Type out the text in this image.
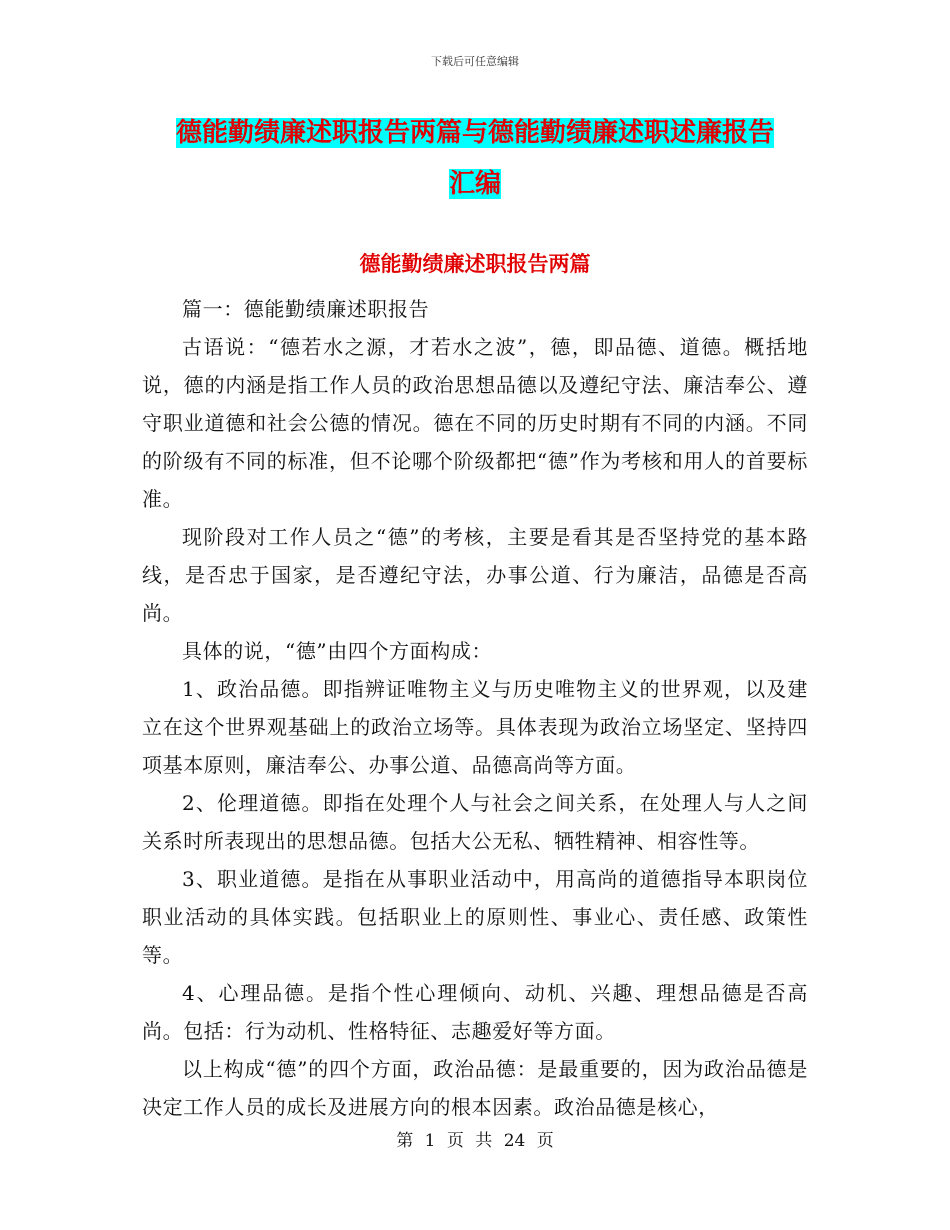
下载后可任意编辑
德能勤绩廉述职报告两篇与德能勤绩廉述职述廉报告
汇编
德能勤绩廉述职报告两篇

篇一：德能勤绩廉述职报告

古语说：“德若水之源，才若水之波”，德，即品德、道德。概括地说，德的内涵是指工作人员的政治思想品德以及遵纪守法、廉洁奉公、遵守职业道德和社会公德的情况。德在不同的历史时期有不同的内涵。不同的阶级有不同的标准，但不论哪个阶级都把“德”作为考核和用人的首要标准。

现阶段对工作人员之“德”的考核，主要是看其是否坚持党的基本路线，是否忠于国家，是否遵纪守法，办事公道、行为廉洁，品德是否高尚。

具体的说，“德”由四个方面构成：

1、政治品德。即指辨证唯物主义与历史唯物主义的世界观，以及建立在这个世界观基础上的政治立场等。具体表现为政治立场坚定、坚持四项基本原则，廉洁奉公、办事公道、品德高尚等方面。

2、伦理道德。即指在处理个人与社会之间关系，在处理人与人之间关系时所表现出的思想品德。包括大公无私、牺牲精神、相容性等。

3、职业道德。是指在从事职业活动中，用高尚的道德指导本职岗位职业活动的具体实践。包括职业上的原则性、事业心、责任感、政策性等。

4、心理品德。是指个性心理倾向、动机、兴趣、理想品德是否高尚。包括：行为动机、性格特征、志趣爱好等方面。

以上构成“德”的四个方面，政治品德：是最重要的，因为政治品德是决定工作人员的成长及进展方向的根本因素。政治品德是核心，

第 1 页 共 24 页
